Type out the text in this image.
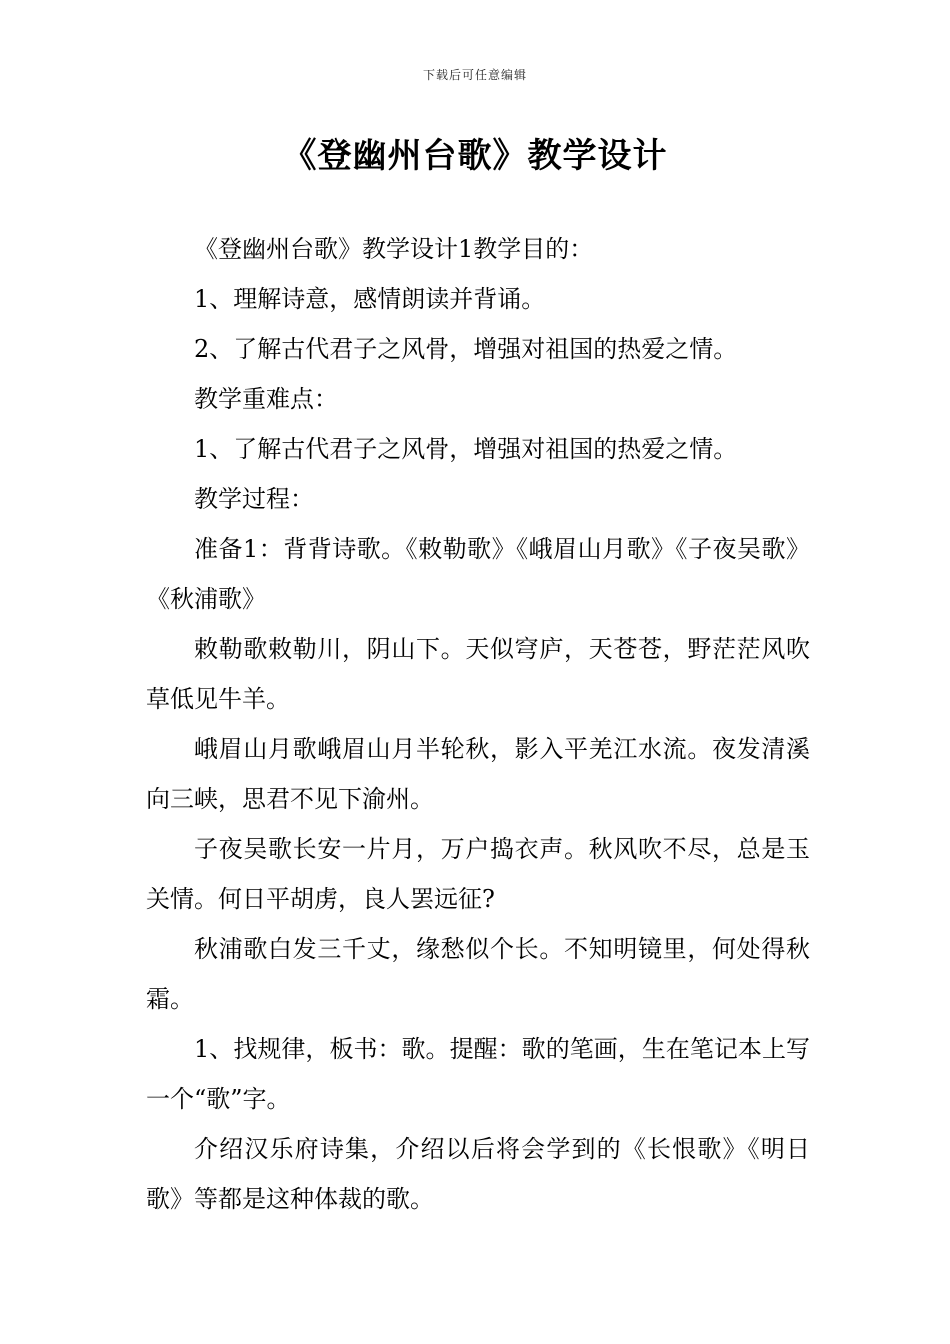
下载后可任意编辑
《登幽州台歌》教学设计

《登幽州台歌》教学设计1教学目的：

1、理解诗意，感情朗读并背诵。

2、了解古代君子之风骨，增强对祖国的热爱之情。

教学重难点：

1、了解古代君子之风骨，增强对祖国的热爱之情。

教学过程：

准备1：背背诗歌。《敕勒歌》《峨眉山月歌》《子夜吴歌》《秋浦歌》

敕勒歌敕勒川，阴山下。天似穹庐，天苍苍，野茫茫风吹草低见牛羊。

峨眉山月歌峨眉山月半轮秋，影入平羌江水流。夜发清溪向三峡，思君不见下渝州。

子夜吴歌长安一片月，万户捣衣声。秋风吹不尽，总是玉关情。何日平胡虏，良人罢远征?

秋浦歌白发三千丈，缘愁似个长。不知明镜里，何处得秋霜。

1、找规律，板书：歌。提醒：歌的笔画，生在笔记本上写一个“歌”字。

介绍汉乐府诗集，介绍以后将会学到的《长恨歌》《明日歌》等都是这种体裁的歌。
